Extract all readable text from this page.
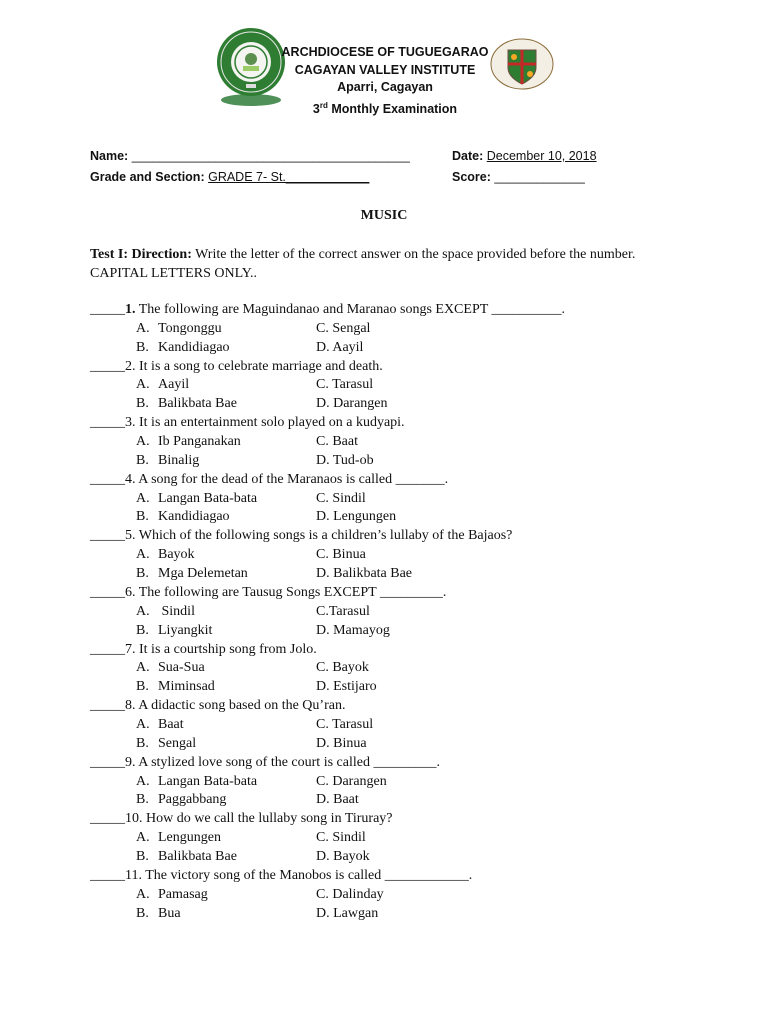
ARCHDIOCESE OF TUGUEGARAO
CAGAYAN VALLEY INSTITUTE
Aparri, Cagayan
3rd Monthly Examination
Name: ________________________________________	Date: December 10, 2018
Grade and Section: GRADE 7- St.____________	Score: _____________
MUSIC
Test I: Direction: Write the letter of the correct answer on the space provided before the number. CAPITAL LETTERS ONLY..
_____1. The following are Maguindanao and Maranao songs EXCEPT __________.
A. Tongonggu	C. Sengal
B. Kandidiagao	D. Aayil
_____2. It is a song to celebrate marriage and death.
A. Aayil	C. Tarasul
B. Balikbata Bae	D. Darangen
_____3. It is an entertainment solo played on a kudyapi.
A. Ib Panganakan	C. Baat
B. Binalig	D. Tud-ob
_____4. A song for the dead of the Maranaos is called _______.
A. Langan Bata-bata	C. Sindil
B. Kandidiagao	D. Lengungen
_____5. Which of the following songs is a children’s lullaby of the Bajaos?
A. Bayok	C. Binua
B. Mga Delemetan	D. Balikbata Bae
_____6. The following are Tausug Songs EXCEPT _________.
A. Sindil	C.Tarasul
B. Liyangkit	D. Mamayog
_____7. It is a courtship song from Jolo.
A. Sua-Sua	C. Bayok
B. Miminsad	D. Estijaro
_____8. A didactic song based on the Qu’ran.
A. Baat	C. Tarasul
B. Sengal	D. Binua
_____9. A stylized love song of the court is called _________.
A. Langan Bata-bata	C. Darangen
B. Paggabbang	D. Baat
_____10. How do we call the lullaby song in Tiruray?
A. Lengungen	C. Sindil
B. Balikbata Bae	D. Bayok
_____11. The victory song of the Manobos is called ____________.
A. Pamasag	C. Dalinday
B. Bua	D. Lawgan
